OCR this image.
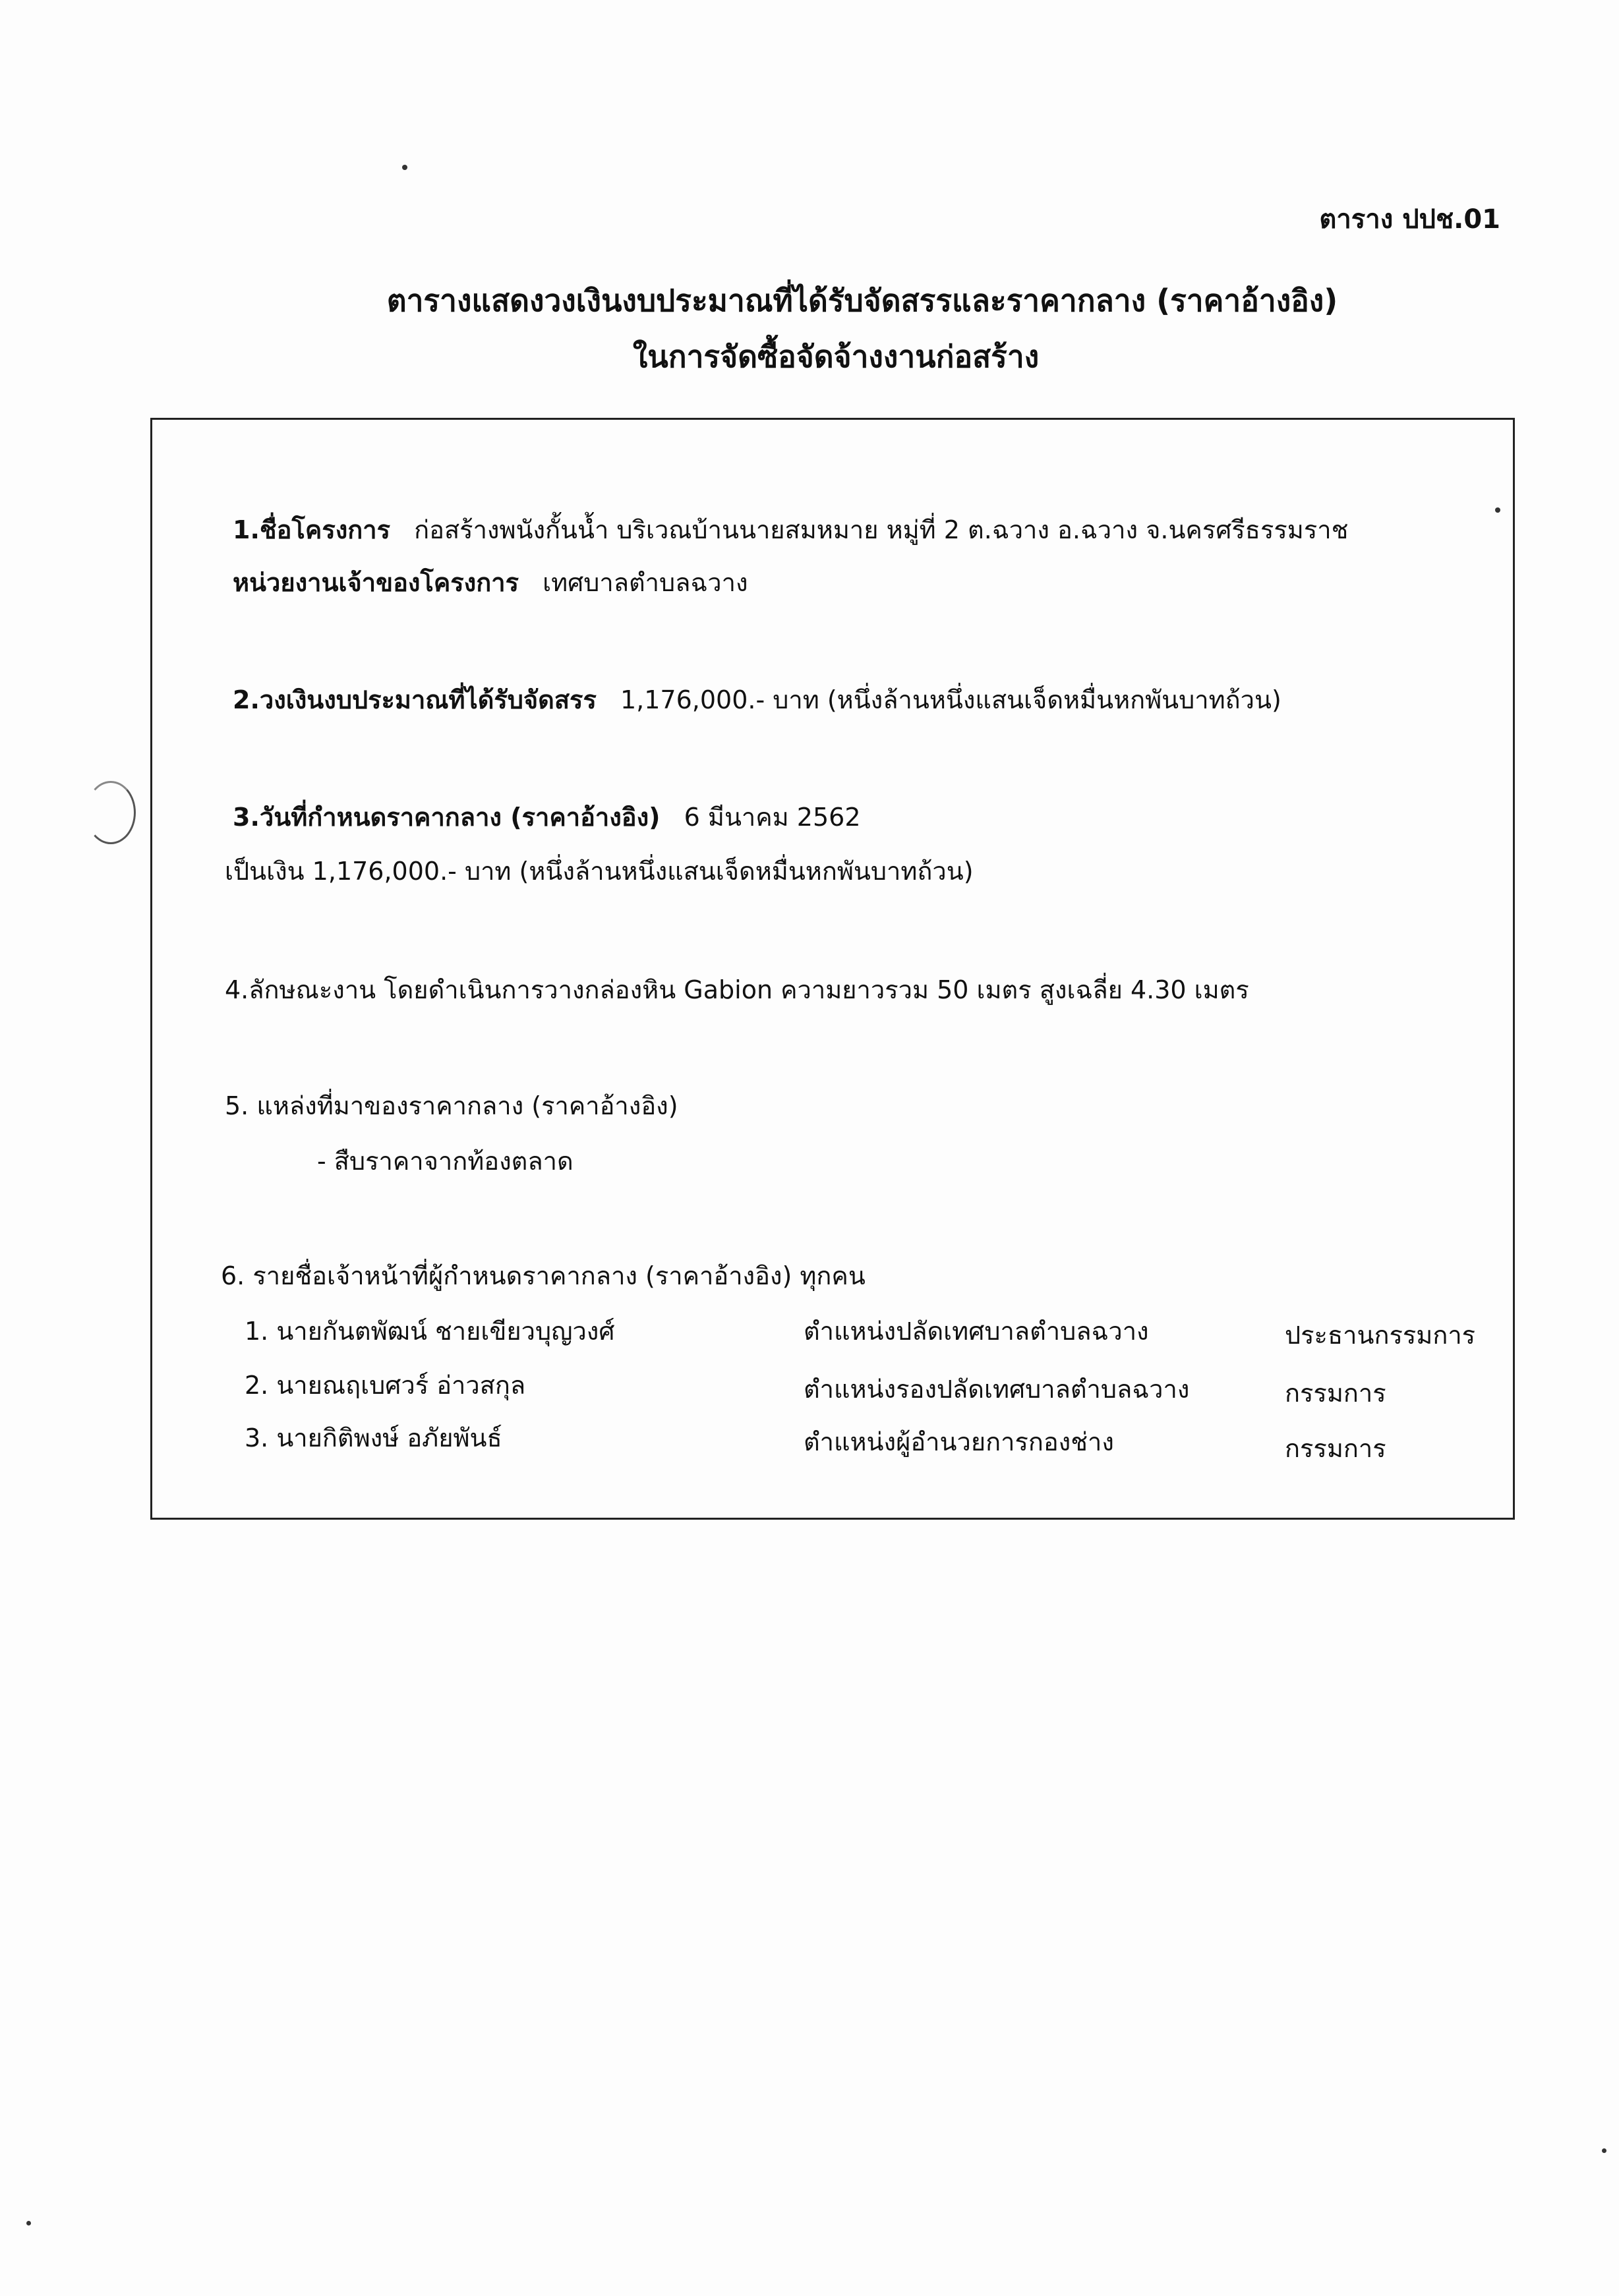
ตาราง ปปช.01
ตารางแสดงวงเงินงบประมาณที่ได้รับจัดสรรและราคากลาง (ราคาอ้างอิง)
ในการจัดซื้อจัดจ้างงานก่อสร้าง
1.ชื่อโครงการ ก่อสร้างพนังกั้นน้ำ บริเวณบ้านนายสมหมาย หมู่ที่ 2 ต.ฉวาง อ.ฉวาง จ.นครศรีธรรมราช
หน่วยงานเจ้าของโครงการ เทศบาลตำบลฉวาง
2.วงเงินงบประมาณที่ได้รับจัดสรร 1,176,000.- บาท (หนึ่งล้านหนึ่งแสนเจ็ดหมื่นหกพันบาทถ้วน)
3.วันที่กำหนดราคากลาง (ราคาอ้างอิง) 6 มีนาคม 2562
เป็นเงิน 1,176,000.- บาท (หนึ่งล้านหนึ่งแสนเจ็ดหมื่นหกพันบาทถ้วน)
4.ลักษณะงาน โดยดำเนินการวางกล่องหิน Gabion ความยาวรวม 50 เมตร สูงเฉลี่ย 4.30 เมตร
5. แหล่งที่มาของราคากลาง (ราคาอ้างอิง)
- สืบราคาจากท้องตลาด
6. รายชื่อเจ้าหน้าที่ผู้กำหนดราคากลาง (ราคาอ้างอิง) ทุกคน
1. นายกันตพัฒน์ ชายเขียวบุญวงศ์	ตำแหน่งปลัดเทศบาลตำบลฉวาง	ประธานกรรมการ
2. นายณฤเบศวร์ อ่าวสกุล	ตำแหน่งรองปลัดเทศบาลตำบลฉวาง	กรรมการ
3. นายกิติพงษ์ อภัยพันธ์	ตำแหน่งผู้อำนวยการกองช่าง	กรรมการ
